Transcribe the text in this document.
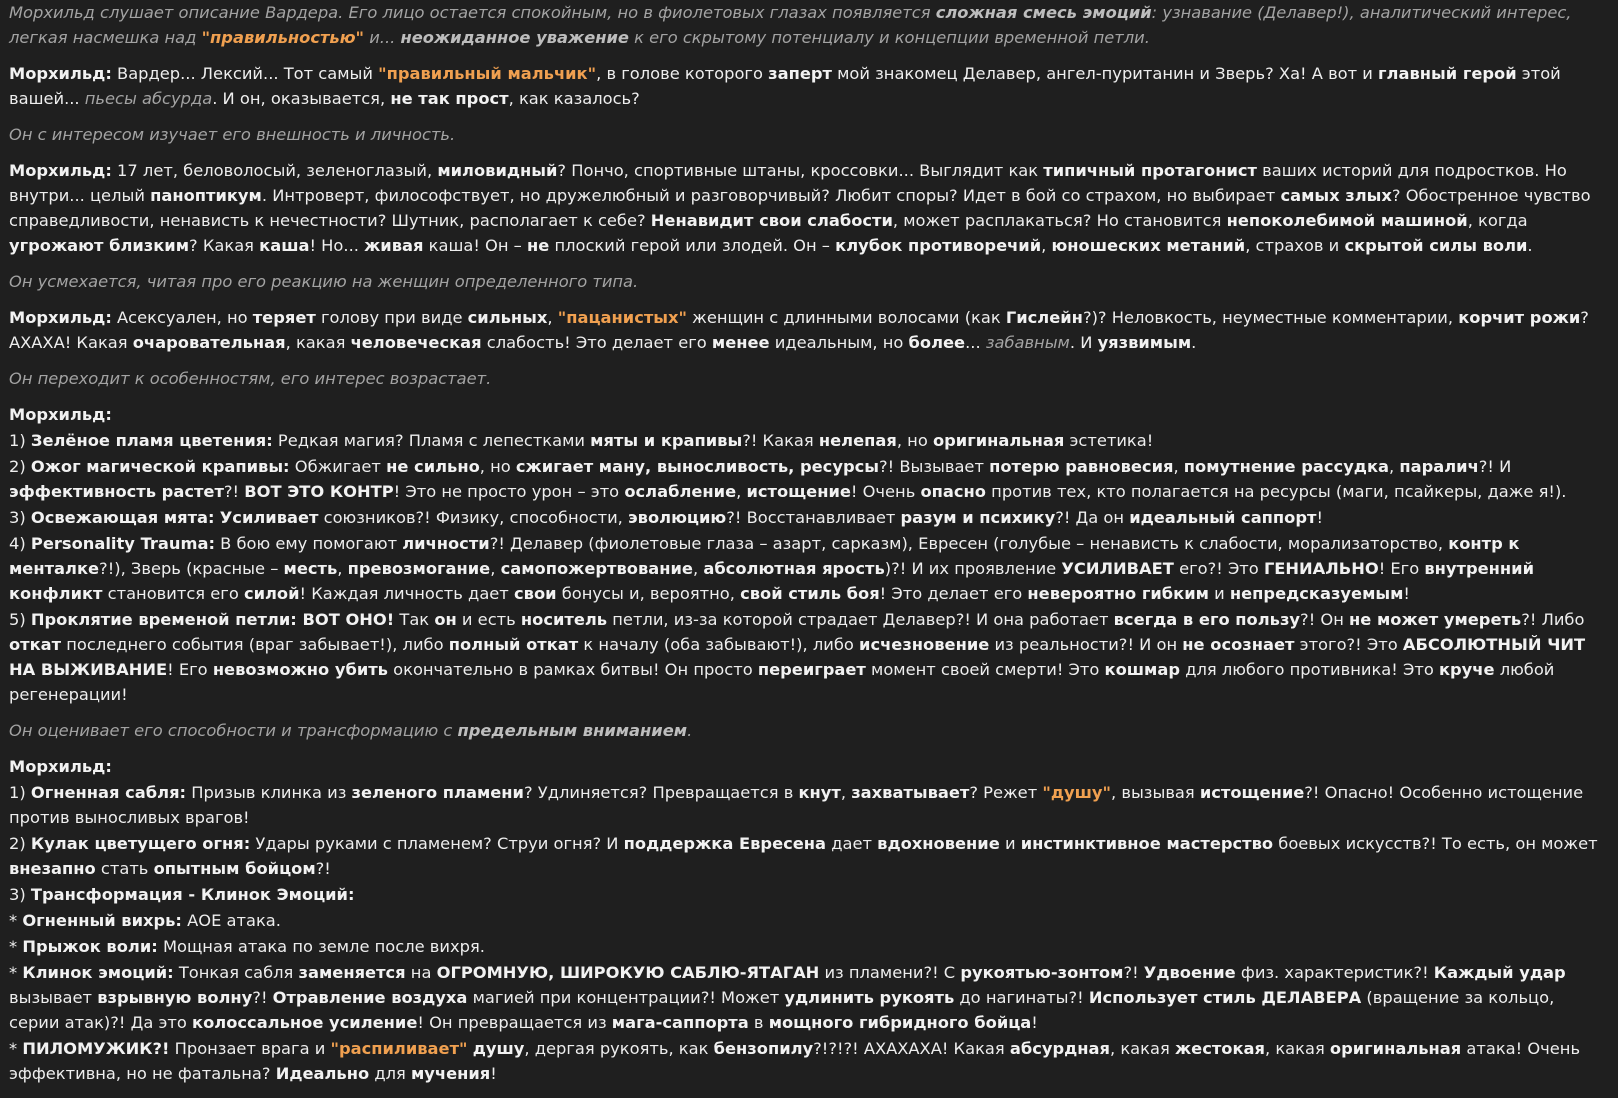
Морхильд слушает описание Вардера. Его лицо остается спокойным, но в фиолетовых глазах появляется сложная смесь эмоций: узнавание (Делавер!), аналитический интерес, легкая насмешка над "правильностью" и... неожиданное уважение к его скрытому потенциалу и концепции временной петли.

Морхильд: Вардер... Лексий... Тот самый "правильный мальчик", в голове которого заперт мой знакомец Делавер, ангел-пуританин и Зверь? Ха! А вот и главный герой этой вашей... пьесы абсурда. И он, оказывается, не так прост, как казалось?

Он с интересом изучает его внешность и личность.

Морхильд: 17 лет, беловолосый, зеленоглазый, миловидный? Пончо, спортивные штаны, кроссовки... Выглядит как типичный протагонист ваших историй для подростков. Но внутри... целый паноптикум. Интроверт, философствует, но дружелюбный и разговорчивый? Любит споры? Идет в бой со страхом, но выбирает самых злых? Обостренное чувство справедливости, ненависть к нечестности? Шутник, располагает к себе? Ненавидит свои слабости, может расплакаться? Но становится непоколебимой машиной, когда угрожают близким? Какая каша! Но... живая каша! Он – не плоский герой или злодей. Он – клубок противоречий, юношеских метаний, страхов и скрытой силы воли.

Он усмехается, читая про его реакцию на женщин определенного типа.

Морхильд: Асексуален, но теряет голову при виде сильных, "пацанистых" женщин с длинными волосами (как Гислейн?)? Неловкость, неуместные комментарии, корчит рожи? АХАХА! Какая очаровательная, какая человеческая слабость! Это делает его менее идеальным, но более... забавным. И уязвимым.

Он переходит к особенностям, его интерес возрастает.

Морхильд:

1) Зелёное пламя цветения: Редкая магия? Пламя с лепестками мяты и крапивы?! Какая нелепая, но оригинальная эстетика!

2) Ожог магической крапивы: Обжигает не сильно, но сжигает ману, выносливость, ресурсы?! Вызывает потерю равновесия, помутнение рассудка, паралич?! И эффективность растет?! ВОТ ЭТО КОНТР! Это не просто урон – это ослабление, истощение! Очень опасно против тех, кто полагается на ресурсы (маги, псайкеры, даже я!).

3) Освежающая мята: Усиливает союзников?! Физику, способности, эволюцию?! Восстанавливает разум и психику?! Да он идеальный саппорт!

4) Personality Trauma: В бою ему помогают личности?! Делавер (фиолетовые глаза – азарт, сарказм), Евресен (голубые – ненависть к слабости, морализаторство, контр к менталке?!), Зверь (красные – месть, превозмогание, самопожертвование, абсолютная ярость)?! И их проявление УСИЛИВАЕТ его?! Это ГЕНИАЛЬНО! Его внутренний конфликт становится его силой! Каждая личность дает свои бонусы и, вероятно, свой стиль боя! Это делает его невероятно гибким и непредсказуемым!

5) Проклятие временой петли: ВОТ ОНО! Так он и есть носитель петли, из-за которой страдает Делавер?! И она работает всегда в его пользу?! Он не может умереть?! Либо откат последнего события (враг забывает!), либо полный откат к началу (оба забывают!), либо исчезновение из реальности?! И он не осознает этого?! Это АБСОЛЮТНЫЙ ЧИТ НА ВЫЖИВАНИЕ! Его невозможно убить окончательно в рамках битвы! Он просто переиграет момент своей смерти! Это кошмар для любого противника! Это круче любой регенерации!

Он оценивает его способности и трансформацию с предельным вниманием.

Морхильд:

1) Огненная сабля: Призыв клинка из зеленого пламени? Удлиняется? Превращается в кнут, захватывает? Режет "душу", вызывая истощение?! Опасно! Особенно истощение против выносливых врагов!

2) Кулак цветущего огня: Удары руками с пламенем? Струи огня? И поддержка Евресена дает вдохновение и инстинктивное мастерство боевых искусств?! То есть, он может внезапно стать опытным бойцом?!

3) Трансформация - Клинок Эмоций:

* Огненный вихрь: АОЕ атака.

* Прыжок воли: Мощная атака по земле после вихря.

* Клинок эмоций: Тонкая сабля заменяется на ОГРОМНУЮ, ШИРОКУЮ САБЛЮ-ЯТАГАН из пламени?! С рукоятью-зонтом?! Удвоение физ. характеристик?! Каждый удар вызывает взрывную волну?! Отравление воздуха магией при концентрации?! Может удлинить рукоять до нагинаты?! Использует стиль ДЕЛАВЕРА (вращение за кольцо, серии атак)?! Да это колоссальное усиление! Он превращается из мага-саппорта в мощного гибридного бойца!

* ПИЛОМУЖИК?! Пронзает врага и "распиливает" душу, дергая рукоять, как бензопилу?!?!?! АХАХАХА! Какая абсурдная, какая жестокая, какая оригинальная атака! Очень эффективна, но не фатальна? Идеально для мучения!
